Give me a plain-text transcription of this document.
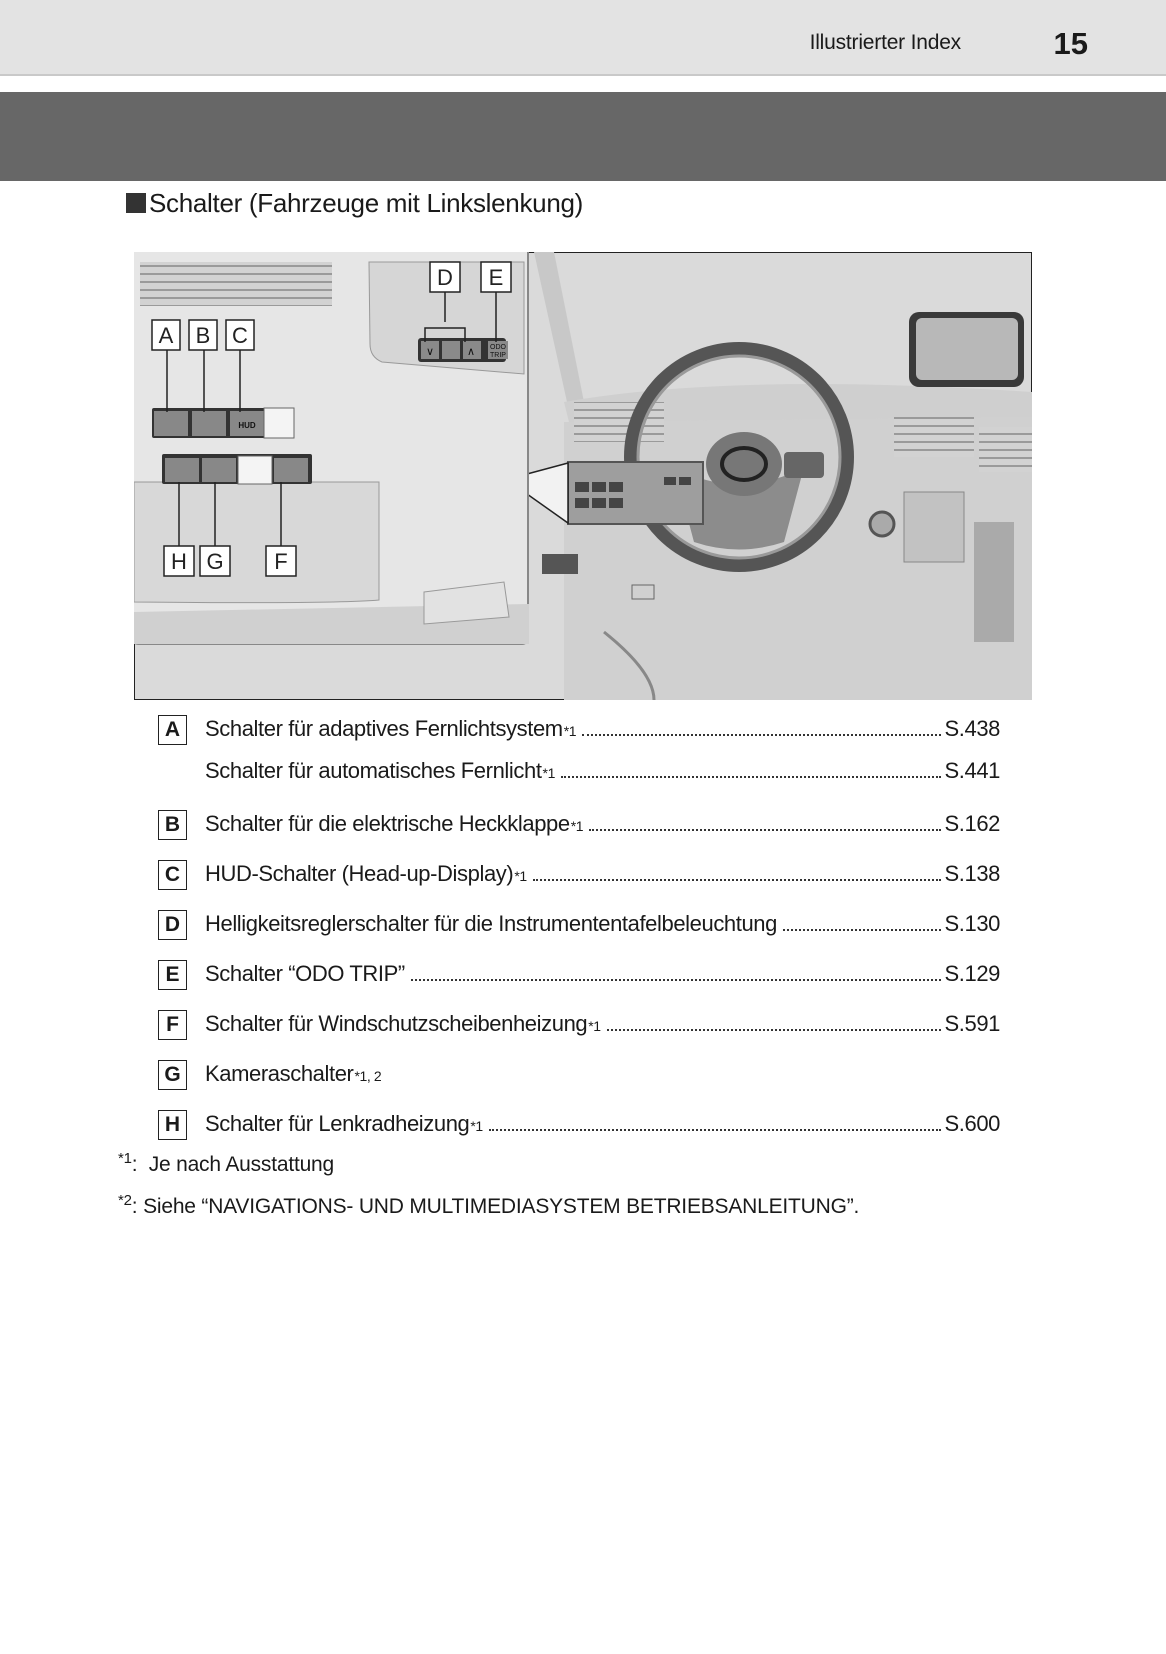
Illustrierter Index	15
Schalter (Fahrzeuge mit Linkslenkung)
∨	∧ ODO
TRIP
HUD
A B C
D E
F
G
H
A	Schalter für adaptives Fernlichtsystem *1	S.438
Schalter für automatisches Fernlicht *1	S.441
B	Schalter für die elektrische Heckklappe *1	S.162
C	HUD-Schalter (Head-up-Display) *1	S.138
D	Helligkeitsreglerschalter für die Instrumententafelbeleuchtung	S.130
E	Schalter “ODO TRIP”	S.129
F	Schalter für Windschutzscheibenheizung *1	S.591
G Kameraschalter *1, 2
H	Schalter für Lenkradheizung *1	S.600
$^{*1}$:  Je nach Ausstattung
$^{*2}$: Siehe “NAVIGATIONS- UND MULTIMEDIASYSTEM BETRIEBSANLEITUNG”.
